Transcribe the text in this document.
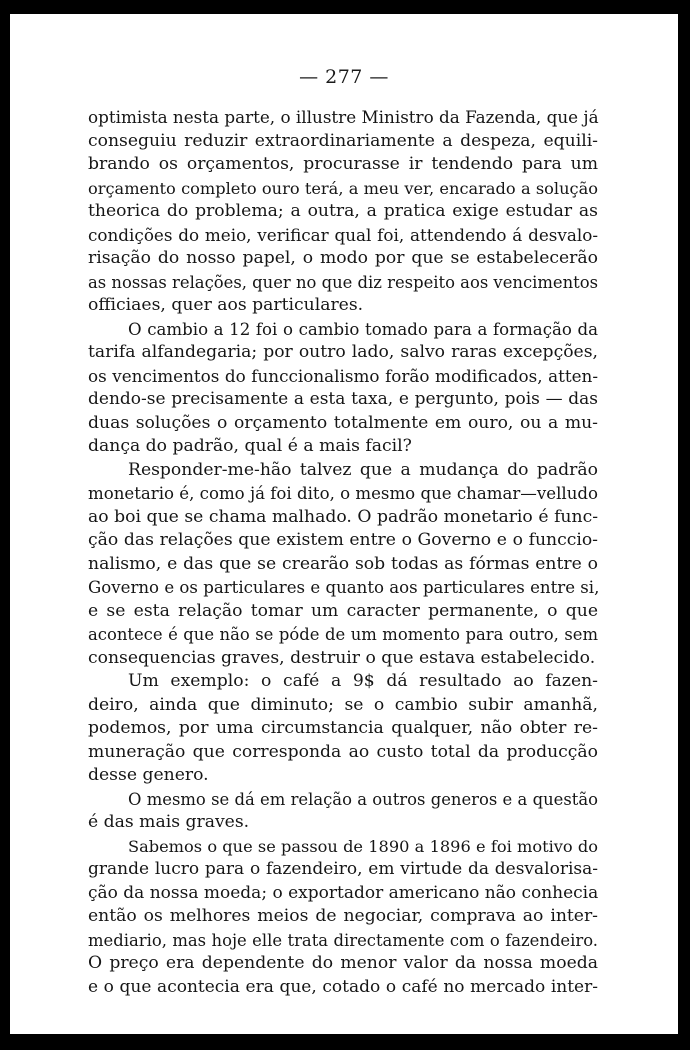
— 277 —
optimista nesta parte, o illustre Ministro da Fazenda, que já
conseguiu reduzir extraordinariamente a despeza, equili-
brando os orçamentos, procurasse ir tendendo para um
orçamento completo ouro terá, a meu ver, encarado a solução
theorica do problema; a outra, a pratica exige estudar as
condições do meio, verificar qual foi, attendendo á desvalo-
risação do nosso papel, o modo por que se estabelecerão
as nossas relações, quer no que diz respeito aos vencimentos
officiaes, quer aos particulares.
O cambio a 12 foi o cambio tomado para a formação da
tarifa alfandegaria; por outro lado, salvo raras excepções,
os vencimentos do funccionalismo forão modificados, atten-
dendo-se precisamente a esta taxa, e pergunto, pois — das
duas soluções o orçamento totalmente em ouro, ou a mu-
dança do padrão, qual é a mais facil?
Responder-me-hão talvez que a mudança do padrão
monetario é, como já foi dito, o mesmo que chamar—velludo
ao boi que se chama malhado. O padrão monetario é func-
ção das relações que existem entre o Governo e o funccio-
nalismo, e das que se crearão sob todas as fórmas entre o
Governo e os particulares e quanto aos particulares entre si,
e se esta relação tomar um caracter permanente, o que
acontece é que não se póde de um momento para outro, sem
consequencias graves, destruir o que estava estabelecido.
Um exemplo: o café a 9$ dá resultado ao fazen-
deiro, ainda que diminuto; se o cambio subir amanhã,
podemos, por uma circumstancia qualquer, não obter re-
muneração que corresponda ao custo total da producção
desse genero.
O mesmo se dá em relação a outros generos e a questão
é das mais graves.
Sabemos o que se passou de 1890 a 1896 e foi motivo do
grande lucro para o fazendeiro, em virtude da desvalorisa-
ção da nossa moeda; o exportador americano não conhecia
então os melhores meios de negociar, comprava ao inter-
mediario, mas hoje elle trata directamente com o fazendeiro.
O preço era dependente do menor valor da nossa moeda
e o que acontecia era que, cotado o café no mercado inter-
